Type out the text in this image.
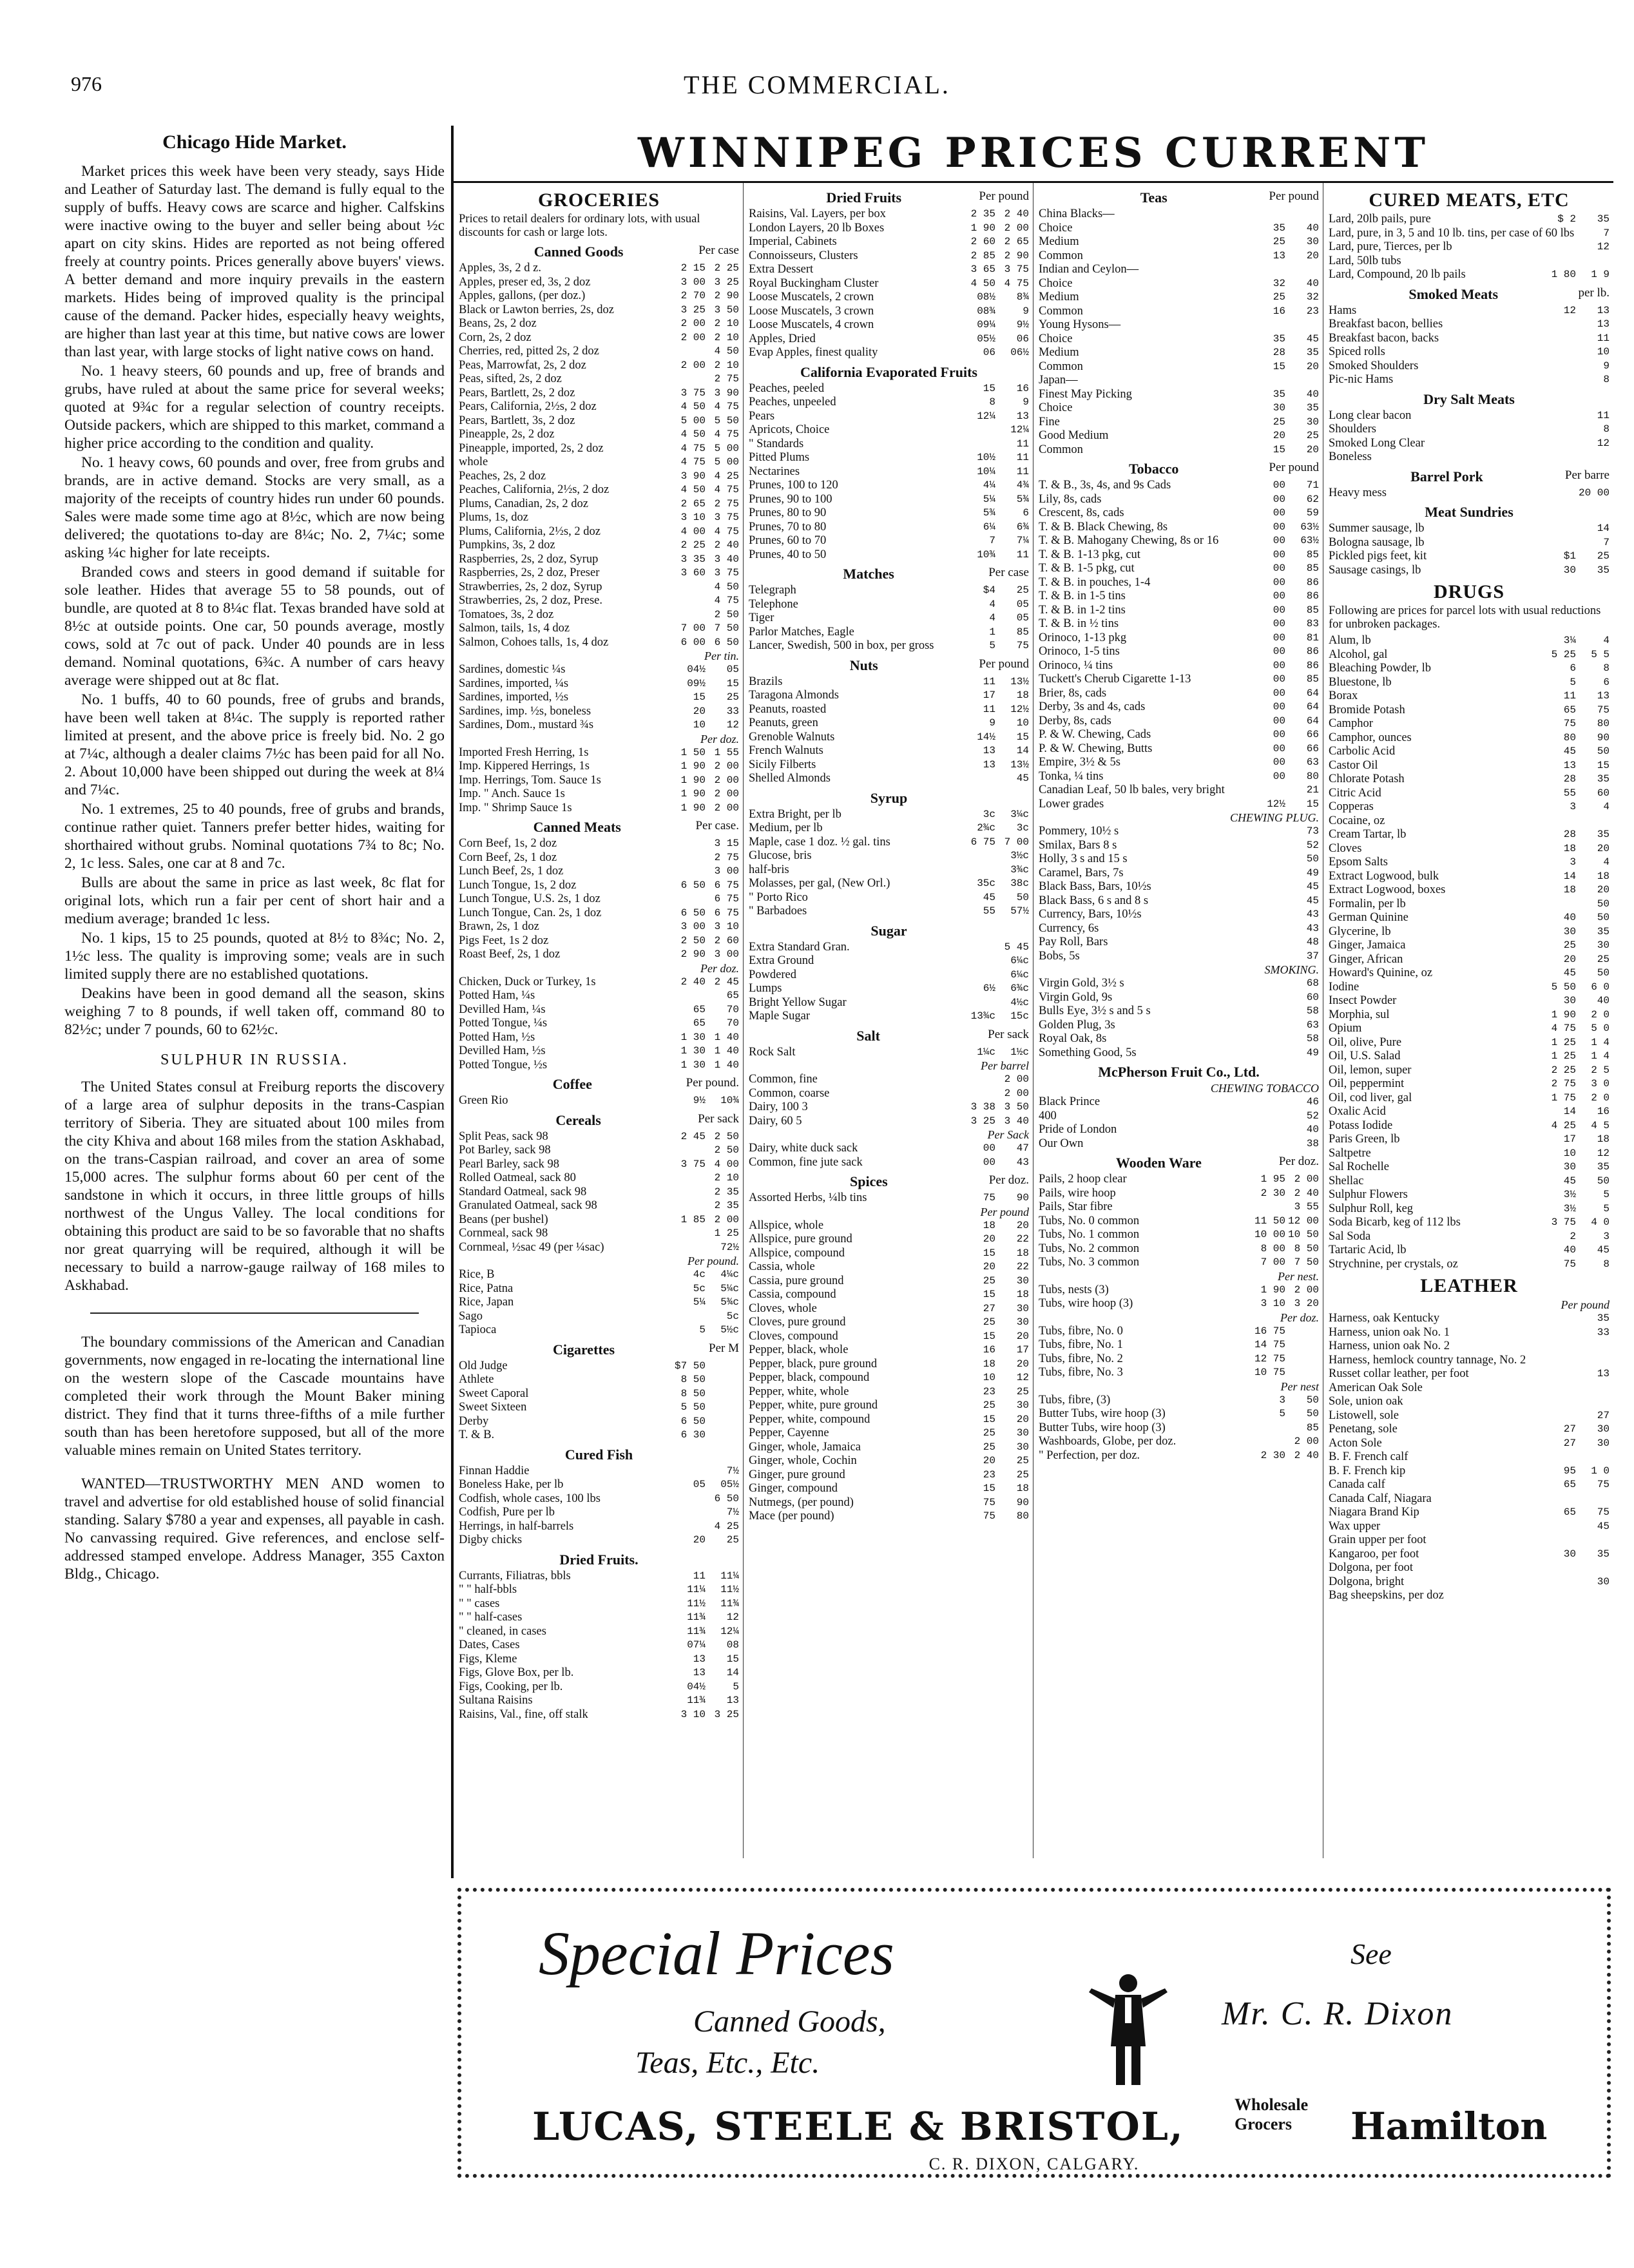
976	THE COMMERCIAL.
Chicago Hide Market.

Market prices this week have been very steady, says Hide and Leather of Saturday last. The demand is fully equal to the supply of buffs. Heavy cows are scarce and higher. Calfskins were inactive owing to the buyer and seller being about ½c apart on city skins. Hides are reported as not being offered freely at country points. Prices generally above buyers' views. A better demand and more inquiry prevails in the eastern markets. Hides being of improved quality is the principal cause of the demand. Packer hides, especially heavy weights, are higher than last year at this time, but native cows are lower than last year, with large stocks of light native cows on hand.

No. 1 heavy steers, 60 pounds and up, free of brands and grubs, have ruled at about the same price for several weeks; quoted at 9¾c for a regular selection of country receipts. Outside packers, which are shipped to this market, command a higher price according to the condition and quality.

No. 1 heavy cows, 60 pounds and over, free from grubs and brands, are in active demand. Stocks are very small, as a majority of the receipts of country hides run under 60 pounds. Sales were made some time ago at 8½c, which are now being delivered; the quotations to-day are 8¼c; No. 2, 7¼c; some asking ¼c higher for late receipts.

Branded cows and steers in good demand if suitable for sole leather. Hides that average 55 to 58 pounds, out of bundle, are quoted at 8 to 8¼c flat. Texas branded have sold at 8½c at outside points. One car, 50 pounds average, mostly cows, sold at 7c out of pack. Under 40 pounds are in less demand. Nominal quotations, 6¾c. A number of cars heavy average were shipped out at 8c flat.

No. 1 buffs, 40 to 60 pounds, free of grubs and brands, have been well taken at 8¼c. The supply is reported rather limited at present, and the above price is freely bid. No. 2 go at 7¼c, although a dealer claims 7½c has been paid for all No. 2. About 10,000 have been shipped out during the week at 8¼ and 7¼c.

No. 1 extremes, 25 to 40 pounds, free of grubs and brands, continue rather quiet. Tanners prefer better hides, waiting for shorthaired without grubs. Nominal quotations 7¾ to 8c; No. 2, 1c less. Sales, one car at 8 and 7c.

Bulls are about the same in price as last week, 8c flat for original lots, which run a fair per cent of short hair and a medium average; branded 1c less.

No. 1 kips, 15 to 25 pounds, quoted at 8½ to 8¾c; No. 2, 1½c less. The quality is improving some; veals are in such limited supply there are no established quotations.

Deakins have been in good demand all the season, skins weighing 7 to 8 pounds, if well taken off, command 80 to 82½c; under 7 pounds, 60 to 62½c.

SULPHUR IN RUSSIA.

The United States consul at Freiburg reports the discovery of a large area of sulphur deposits in the trans-Caspian territory of Siberia. They are situated about 100 miles from the city Khiva and about 168 miles from the station Askhabad, on the trans-Caspian railroad, and cover an area of some 15,000 acres. The sulphur forms about 60 per cent of the sandstone in which it occurs, in three little groups of hills northwest of the Ungus Valley. The local conditions for obtaining this product are said to be so favorable that no shafts nor great quarrying will be required, although it will be necessary to build a narrow-gauge railway of 168 miles to Askhabad.

The boundary commissions of the American and Canadian governments, now engaged in re-locating the international line on the western slope of the Cascade mountains have completed their work through the Mount Baker mining district. They find that it turns three-fifths of a mile further south than has been heretofore supposed, but all of the more valuable mines remain on United States territory.

WANTED—TRUSTWORTHY MEN AND women to travel and advertise for old established house of solid financial standing. Salary $780 a year and expenses, all payable in cash. No canvassing required. Give references, and enclose self-addressed stamped envelope. Address Manager, 355 Caxton Bldg., Chicago.

WINNIPEG PRICES CURRENT
GROCERIES

Prices to retail dealers for ordinary lots, with usual discounts for cash or large lots.

Canned Goods	Per case
Apples, 3s, 2 d z.	2 15 2 25
Apples, preser ed, 3s, 2 doz	3 00 3 25
Apples, gallons, (per doz.)	2 70 2 90
Black or Lawton berries, 2s, doz	3 25 3 50
Beans, 2s, 2 doz	2 00 2 10
Corn, 2s, 2 doz	2 00 2 10
Cherries, red, pitted 2s, 2 doz	4 50
Peas, Marrowfat, 2s, 2 doz	2 00 2 10
Peas, sifted, 2s, 2 doz	2 75
Pears, Bartlett, 2s, 2 doz	3 75 3 90
Pears, California, 2½s, 2 doz	4 50 4 75
Pears, Bartlett, 3s, 2 doz	5 00 5 50
Pineapple, 2s, 2 doz	4 50 4 75
Pineapple, imported, 2s, 2 doz	4 75 5 00
whole	4 75 5 00
Peaches, 2s, 2 doz	3 90 4 25
Peaches, California, 2½s, 2 doz	4 50 4 75
Plums, Canadian, 2s, 2 doz	2 65 2 75
Plums, 1s, doz	3 10 3 75
Plums, California, 2½s, 2 doz	4 00 4 75
Pumpkins, 3s, 2 doz	2 25 2 40
Raspberries, 2s, 2 doz, Syrup	3 35 3 40
Raspberries, 2s, 2 doz, Preser	3 60 3 75
Strawberries, 2s, 2 doz, Syrup	4 50
Strawberries, 2s, 2 doz, Prese.	4 75
Tomatoes, 3s, 2 doz	2 50
Salmon, tails, 1s, 4 doz	7 00 7 50
Salmon, Cohoes talls, 1s, 4 doz	6 00 6 50

Per tin.

Sardines, domestic ¼s	04½	05
Sardines, imported, ¼s	09½	15
Sardines, imported, ½s	15	25
Sardines, imp. ½s, boneless	20	33
Sardines, Dom., mustard ¾s	10	12

Per doz.

Imported Fresh Herring, 1s	1 50 1 55
Imp. Kippered Herrings, 1s	1 90 2 00
Imp. Herrings, Tom. Sauce 1s	1 90 2 00
Imp. " Anch. Sauce 1s	1 90 2 00
Imp. " Shrimp Sauce 1s	1 90 2 00
Canned Meats	Per case.
Corn Beef, 1s, 2 doz	3 15
Corn Beef, 2s, 1 doz	2 75
Lunch Beef, 2s, 1 doz	3 00
Lunch Tongue, 1s, 2 doz	6 50 6 75
Lunch Tongue, U.S. 2s, 1 doz	6 75
Lunch Tongue, Can. 2s, 1 doz	6 50 6 75
Brawn, 2s, 1 doz	3 00 3 10
Pigs Feet, 1s 2 doz	2 50 2 60
Roast Beef, 2s, 1 doz	2 90 3 00

Per doz.

Chicken, Duck or Turkey, 1s	2 40 2 45
Potted Ham, ¼s	65
Devilled Ham, ¼s	65	70
Potted Tongue, ¼s	65	70
Potted Ham, ½s	1 30 1 40
Devilled Ham, ½s	1 30 1 40
Potted Tongue, ½s	1 30 1 40
Coffee	Per pound.
Green Rio	9½	10¾
Cereals	Per sack
Split Peas, sack 98	2 45 2 50
Pot Barley, sack 98	2 50
Pearl Barley, sack 98	3 75 4 00
Rolled Oatmeal, sack 80	2 10
Standard Oatmeal, sack 98	2 35
Granulated Oatmeal, sack 98	2 35
Beans (per bushel)	1 85 2 00
Cornmeal, sack 98	1 25
Cornmeal, ½sac 49 (per ¼sac)	72½

Per pound.

Rice, B	4c	4¼c
Rice, Patna	5c	5¼c
Rice, Japan	5¼	5¾c
Sago	5c
Tapioca	5	5½c
Cigarettes	Per M
Old Judge	$7 50
Athlete	8 50
Sweet Caporal	8 50
Sweet Sixteen	5 50
Derby	6 50
T. & B.	6 30
Cured Fish
Finnan Haddie	7½
Boneless Hake, per lb	05	05½
Codfish, whole cases, 100 lbs	6 50
Codfish, Pure per lb	7½
Herrings, in half-barrels	4 25
Digby chicks	20	25
Dried Fruits.
Currants, Filiatras, bbls	11	11¼
" " half-bbls	11¼	11½
" " cases	11½	11¾
" " half-cases	11¾	12
" cleaned, in cases	11¾	12¼
Dates, Cases	07¼	08
Figs, Kleme	13	15
Figs, Glove Box, per lb.	13	14
Figs, Cooking, per lb.	04½	5
Sultana Raisins	11¾	13
Raisins, Val., fine, off stalk	3 10 3 25
Dried Fruits	Per pound
Raisins, Val. Layers, per box	2 35 2 40
London Layers, 20 lb Boxes	1 90 2 00
Imperial, Cabinets	2 60 2 65
Connoisseurs, Clusters	2 85 2 90
Extra Dessert	3 65 3 75
Royal Buckingham Cluster	4 50 4 75
Loose Muscatels, 2 crown	08½	8¾
Loose Muscatels, 3 crown	08¾	9
Loose Muscatels, 4 crown	09¼	9½
Apples, Dried	05½	06
Evap Apples, finest quality	06	06½
California Evaporated Fruits
Peaches, peeled	15	16
Peaches, unpeeled	8	9
Pears	12¼	13
Apricots, Choice	12¼
" Standards	11
Pitted Plums	10½	11
Nectarines	10¼	11
Prunes, 100 to 120	4¼	4¾
Prunes, 90 to 100	5¼	5¾
Prunes, 80 to 90	5¾	6
Prunes, 70 to 80	6¼	6¾
Prunes, 60 to 70	7	7¼
Prunes, 40 to 50	10¾	11
Matches	Per case
Telegraph	$4	25
Telephone	4	05
Tiger	4	05
Parlor Matches, Eagle	1	85
Lancer, Swedish, 500 in box, per gross	5	75
Nuts	Per pound
Brazils	11	13½
Taragona Almonds	17	18
Peanuts, roasted	11	12½
Peanuts, green	9	10
Grenoble Walnuts	14½	15
French Walnuts	13	14
Sicily Filberts	13	13½
Shelled Almonds	45
Syrup
Extra Bright, per lb	3c	3¼c
Medium, per lb	2¾c	3c
Maple, case 1 doz. ½ gal. tins	6 75 7 00
Glucose, bris	3½c
half-bris	3¾c
Molasses, per gal, (New Orl.)	35c	38c
" Porto Rico	45	50
" Barbadoes	55	57½
Sugar
Extra Standard Gran.	5 45
Extra Ground	6¼c
Powdered	6¼c
Lumps	6½	6¾c
Bright Yellow Sugar	4½c
Maple Sugar	13¾c	15c
Salt	Per sack
Rock Salt	1¼c	1½c

Per barrel

Common, fine	2 00
Common, coarse	2 00
Dairy, 100 3	3 38 3 50
Dairy, 60 5	3 25 3 40

Per Sack

Dairy, white duck sack	00	47
Common, fine jute sack	00	43
Spices	Per doz.
Assorted Herbs, ¼lb tins	75	90

Per pound

Allspice, whole	18	20
Allspice, pure ground	20	22
Allspice, compound	15	18
Cassia, whole	20	22
Cassia, pure ground	25	30
Cassia, compound	15	18
Cloves, whole	27	30
Cloves, pure ground	25	30
Cloves, compound	15	20
Pepper, black, whole	16	17
Pepper, black, pure ground	18	20
Pepper, black, compound	10	12
Pepper, white, whole	23	25
Pepper, white, pure ground	25	30
Pepper, white, compound	15	20
Pepper, Cayenne	25	30
Ginger, whole, Jamaica	25	30
Ginger, whole, Cochin	20	25
Ginger, pure ground	23	25
Ginger, compound	15	18
Nutmegs, (per pound)	75	90
Mace (per pound)	75	80
Teas	Per pound
China Blacks—
Choice	35	40
Medium	25	30
Common	13	20
Indian and Ceylon—
Choice	32	40
Medium	25	32
Common	16	23
Young Hysons—
Choice	35	45
Medium	28	35
Common	15	20
Japan—
Finest May Picking	35	40
Choice	30	35
Fine	25	30
Good Medium	20	25
Common	15	20
Tobacco	Per pound
T. & B., 3s, 4s, and 9s Cads	00	71
Lily, 8s, cads	00	62
Crescent, 8s, cads	00	59
T. & B. Black Chewing, 8s	00	63½
T. & B. Mahogany Chewing, 8s or 16	00	63½
T. & B. 1-13 pkg, cut	00	85
T. & B. 1-5 pkg, cut	00	85
T. & B. in pouches, 1-4	00	86
T. & B. in 1-5 tins	00	86
T. & B. in 1-2 tins	00	85
T. & B. in ½ tins	00	83
Orinoco, 1-13 pkg	00	81
Orinoco, 1-5 tins	00	86
Orinoco, ¼ tins	00	86
Tuckett's Cherub Cigarette 1-13	00	85
Brier, 8s, cads	00	64
Derby, 3s and 4s, cads	00	64
Derby, 8s, cads	00	64
P. & W. Chewing, Cads	00	66
P. & W. Chewing, Butts	00	66
Empire, 3½ & 5s	00	63
Tonka, ¼ tins	00	80
Canadian Leaf, 50 lb bales, very bright	21
Lower grades	12½	15

CHEWING PLUG.

Pommery, 10½ s	73
Smilax, Bars 8 s	52
Holly, 3 s and 15 s	50
Caramel, Bars, 7s	49
Black Bass, Bars, 10½s	45
Black Bass, 6 s and 8 s	45
Currency, Bars, 10½s	43
Currency, 6s	43
Pay Roll, Bars	48
Bobs, 5s	37

SMOKING.

Virgin Gold, 3½ s	68
Virgin Gold, 9s	60
Bulls Eye, 3½ s and 5 s	58
Golden Plug, 3s	63
Royal Oak, 8s	58
Something Good, 5s	49
McPherson Fruit Co., Ltd.

CHEWING TOBACCO

Black Prince	46
400	52
Pride of London	40
Our Own	38
Wooden Ware	Per doz.
Pails, 2 hoop clear	1 95 2 00
Pails, wire hoop	2 30 2 40
Pails, Star fibre	3 55
Tubs, No. 0 common	11 50 12 00
Tubs, No. 1 common	10 00 10 50
Tubs, No. 2 common	8 00 8 50
Tubs, No. 3 common	7 00 7 50

Per nest.

Tubs, nests (3)	1 90 2 00
Tubs, wire hoop (3)	3 10 3 20

Per doz.

Tubs, fibre, No. 0	16 75
Tubs, fibre, No. 1	14 75
Tubs, fibre, No. 2	12 75
Tubs, fibre, No. 3	10 75

Per nest

Tubs, fibre, (3)	3	50
Butter Tubs, wire hoop (3)	5	50
Butter Tubs, wire hoop (3)	85
Washboards, Globe, per doz.	2 00
" Perfection, per doz.	2 30 2 40
CURED MEATS, ETC
Lard, 20lb pails, pure	$ 2	35
Lard, pure, in 3, 5 and 10 lb. tins, per case of 60 lbs	7
Lard, pure, Tierces, per lb	12
Lard, 50lb tubs
Lard, Compound, 20 lb pails	1 80	1 9
Smoked Meats	per lb.
Hams	12	13
Breakfast bacon, bellies	13
Breakfast bacon, backs	11
Spiced rolls	10
Smoked Shoulders	9
Pic-nic Hams	8
Dry Salt Meats
Long clear bacon	11
Shoulders	8
Smoked Long Clear	12
Boneless
Barrel Pork	Per barre
Heavy mess	20 00
Meat Sundries
Summer sausage, lb	14
Bologna sausage, lb	7
Pickled pigs feet, kit	$1	25
Sausage casings, lb	30	35
DRUGS

Following are prices for parcel lots with usual reductions for unbroken packages.

Alum, lb	3¼	4
Alcohol, gal	5 25	5 5
Bleaching Powder, lb	6	8
Bluestone, lb	5	6
Borax	11	13
Bromide Potash	65	75
Camphor	75	80
Camphor, ounces	80	90
Carbolic Acid	45	50
Castor Oil	13	15
Chlorate Potash	28	35
Citric Acid	55	60
Copperas	3	4
Cocaine, oz
Cream Tartar, lb	28	35
Cloves	18	20
Epsom Salts	3	4
Extract Logwood, bulk	14	18
Extract Logwood, boxes	18	20
Formalin, per lb	50
German Quinine	40	50
Glycerine, lb	30	35
Ginger, Jamaica	25	30
Ginger, African	20	25
Howard's Quinine, oz	45	50
Iodine	5 50	6 0
Insect Powder	30	40
Morphia, sul	1 90	2 0
Opium	4 75	5 0
Oil, olive, Pure	1 25	1 4
Oil, U.S. Salad	1 25	1 4
Oil, lemon, super	2 25	2 5
Oil, peppermint	2 75	3 0
Oil, cod liver, gal	1 75	2 0
Oxalic Acid	14	16
Potass Iodide	4 25	4 5
Paris Green, lb	17	18
Saltpetre	10	12
Sal Rochelle	30	35
Shellac	45	50
Sulphur Flowers	3½	5
Sulphur Roll, keg	3½	5
Soda Bicarb, keg of 112 lbs	3 75	4 0
Sal Soda	2	3
Tartaric Acid, lb	40	45
Strychnine, per crystals, oz	75	8
LEATHER

Per pound

Harness, oak Kentucky	35
Harness, union oak No. 1	33
Harness, union oak No. 2
Harness, hemlock country tannage, No. 2
Russet collar leather, per foot	13
American Oak Sole
Sole, union oak
Listowell, sole	27
Penetang, sole	27	30
Acton Sole	27	30
B. F. French calf
B. F. French kip	95	1 0
Canada calf	65	75
Canada Calf, Niagara
Niagara Brand Kip	65	75
Wax upper	45
Grain upper per foot
Kangaroo, per foot	30	35
Dolgona, per foot
Dolgona, bright	30
Bag sheepskins, per doz
Special Prices
Canned Goods,
Teas, Etc., Etc.
See
Mr. C. R. Dixon
LUCAS, STEELE & BRISTOL,	Wholesale
Grocers	Hamilton
C. R. DIXON, CALGARY.
